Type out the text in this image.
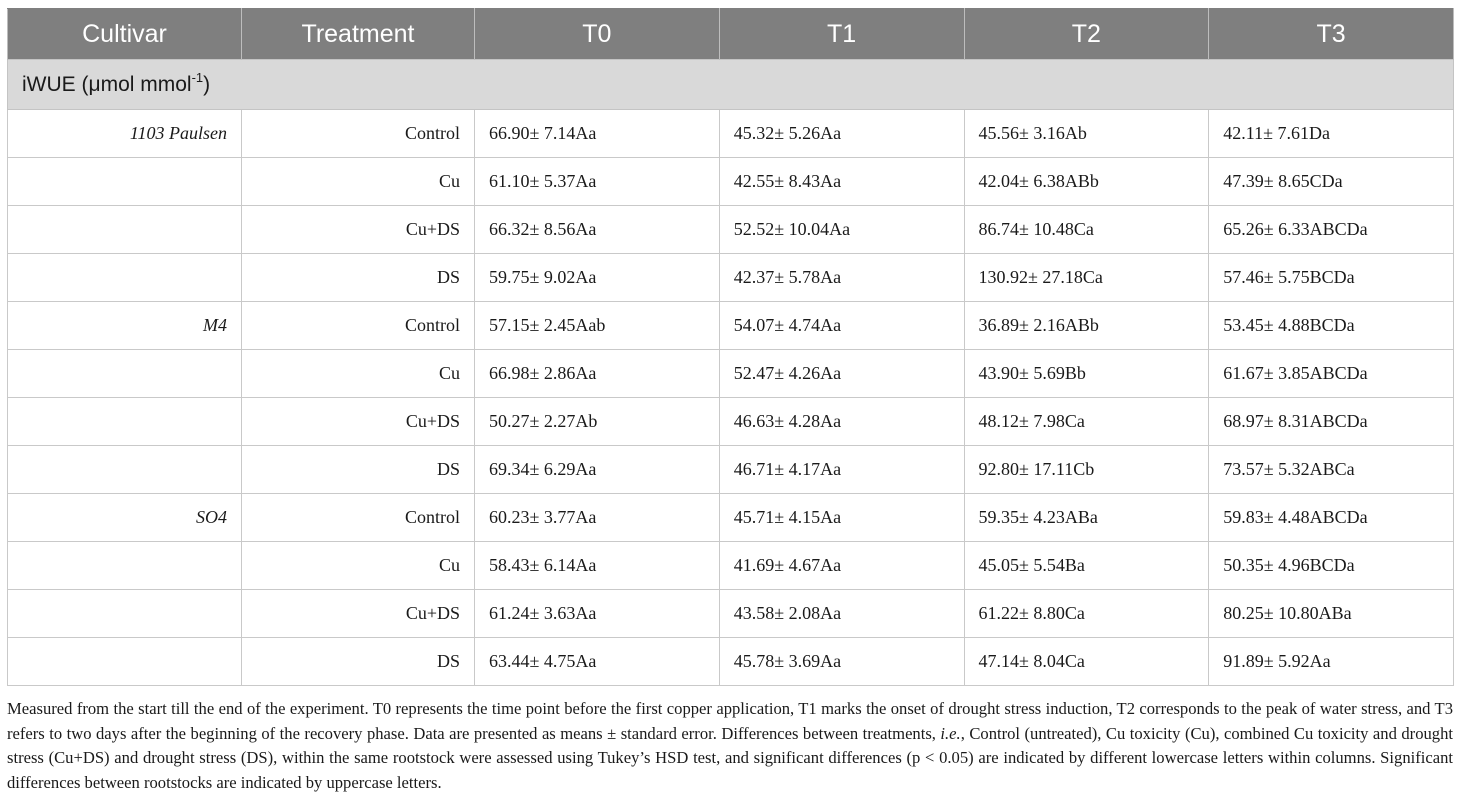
Cultivar	Treatment	T0	T1	T2	T3
iWUE (μmol mmol$^{-1}$)					
1103 Paulsen	Control	66.90± 7.14Aa	45.32± 5.26Aa	45.56± 3.16Ab	42.11± 7.61Da
	Cu	61.10± 5.37Aa	42.55± 8.43Aa	42.04± 6.38ABb	47.39± 8.65CDa
	Cu+DS	66.32± 8.56Aa	52.52± 10.04Aa	86.74± 10.48Ca	65.26± 6.33ABCDa
	DS	59.75± 9.02Aa	42.37± 5.78Aa	130.92± 27.18Ca	57.46± 5.75BCDa
M4	Control	57.15± 2.45Aab	54.07± 4.74Aa	36.89± 2.16ABb	53.45± 4.88BCDa
	Cu	66.98± 2.86Aa	52.47± 4.26Aa	43.90± 5.69Bb	61.67± 3.85ABCDa
	Cu+DS	50.27± 2.27Ab	46.63± 4.28Aa	48.12± 7.98Ca	68.97± 8.31ABCDa
	DS	69.34± 6.29Aa	46.71± 4.17Aa	92.80± 17.11Cb	73.57± 5.32ABCa
SO4	Control	60.23± 3.77Aa	45.71± 4.15Aa	59.35± 4.23ABa	59.83± 4.48ABCDa
	Cu	58.43± 6.14Aa	41.69± 4.67Aa	45.05± 5.54Ba	50.35± 4.96BCDa
	Cu+DS	61.24± 3.63Aa	43.58± 2.08Aa	61.22± 8.80Ca	80.25± 10.80ABa
	DS	63.44± 4.75Aa	45.78± 3.69Aa	47.14± 8.04Ca	91.89± 5.92Aa
Measured from the start till the end of the experiment. T0 represents the time point before the first copper application, T1 marks the onset of drought stress induction, T2 corresponds to the peak of water stress, and T3 refers to two days after the beginning of the recovery phase. Data are presented as means ± standard error. Differences between treatments, i.e., Control (untreated), Cu toxicity (Cu), combined Cu toxicity and drought stress (Cu+DS) and drought stress (DS), within the same rootstock were assessed using Tukey’s HSD test, and significant differences (p < 0.05) are indicated by different lowercase letters within columns. Significant differences between rootstocks are indicated by uppercase letters.
